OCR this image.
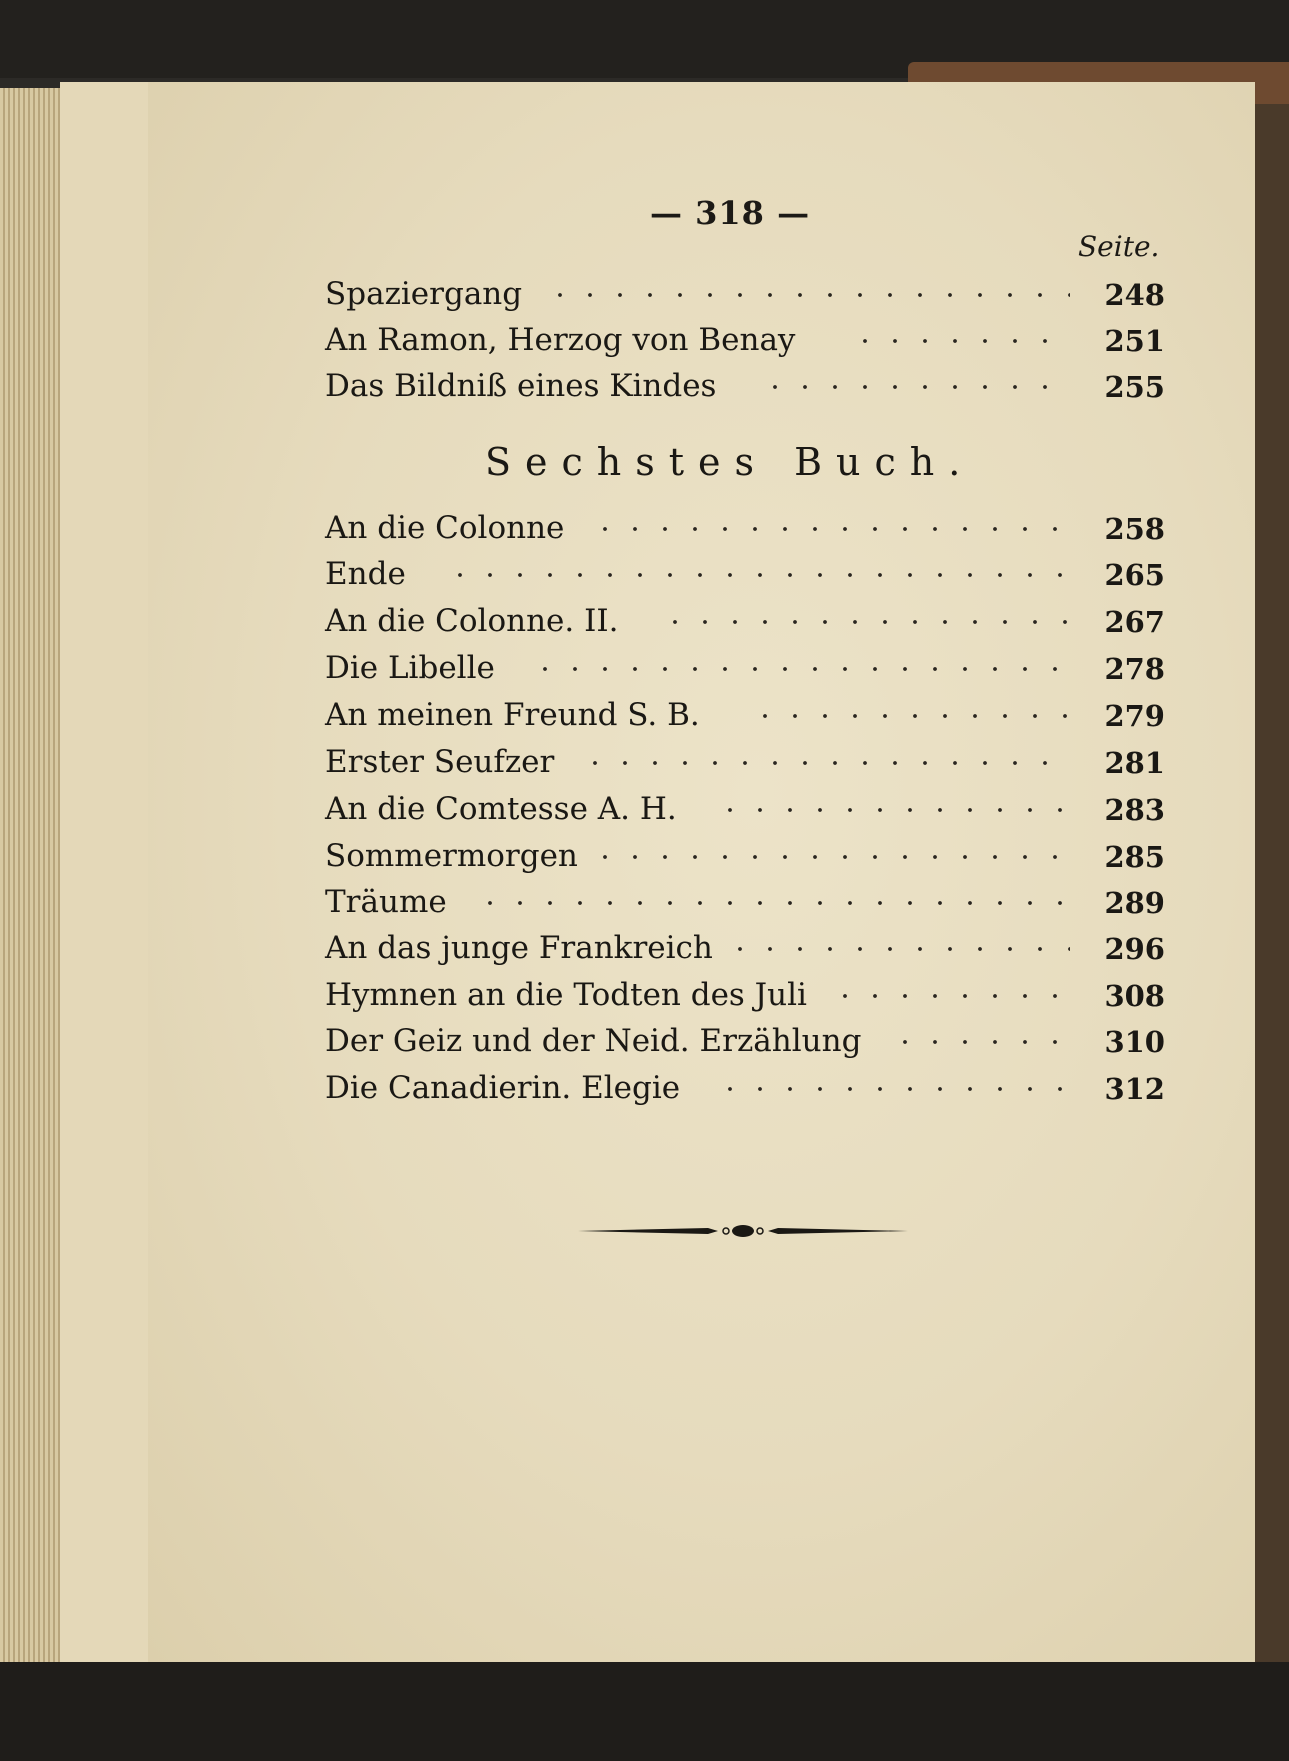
— 318 —
Seite.
Spaziergang	248
An Ramon, Herzog von Benay	251
Das Bildniß eines Kindes	255
An die Colonne	258
Ende	265
An die Colonne. II.	267
Die Libelle	278
An meinen Freund S. B.	279
Erster Seufzer	281
An die Comtesse A. H.	283
Sommermorgen	285
Träume	289
An das junge Frankreich	296
Hymnen an die Todten des Juli	308
Der Geiz und der Neid. Erzählung	310
Die Canadierin. Elegie	312
Sechstes Buch.
